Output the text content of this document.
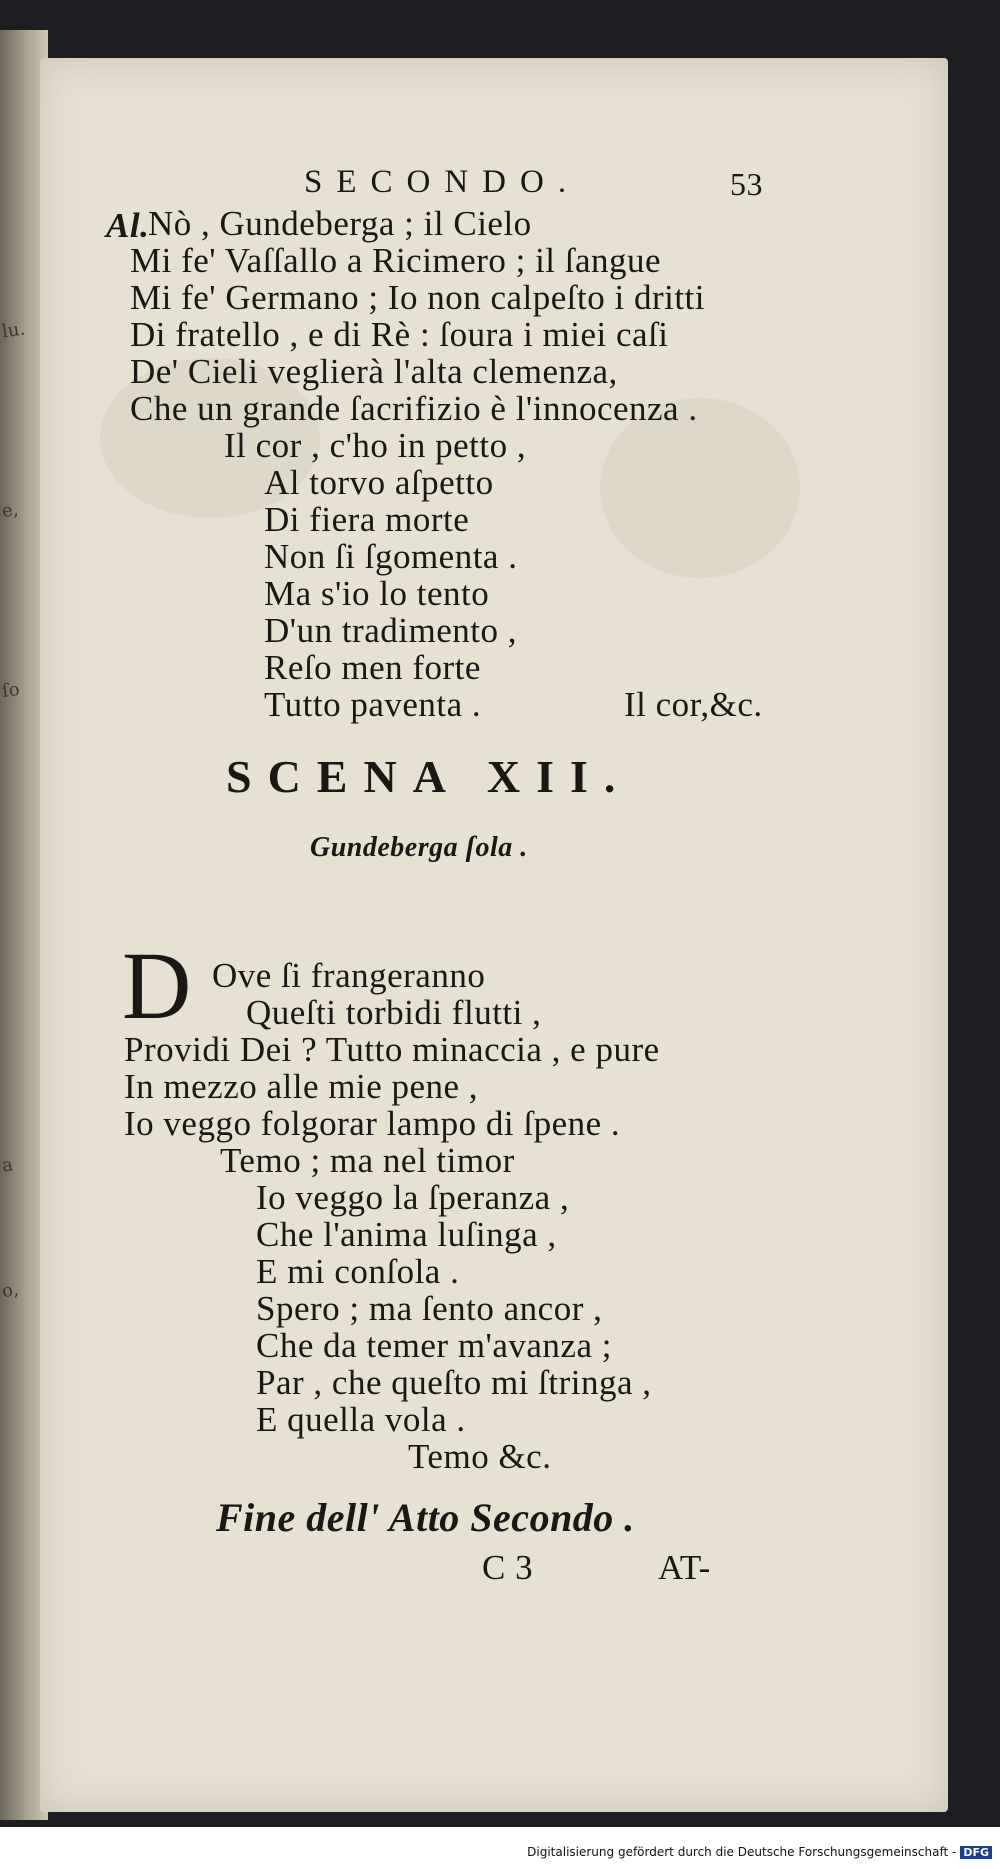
lu.
e,
ſo
a
o,
SECONDO.	53
Al.
Nò , Gundeberga ; il Cielo
Mi fe' Vaſſallo a Ricimero ; il ſangue
Mi fe' Germano ; Io non calpeſto i dritti
Di fratello , e di Rè : ſoura i miei caſi
De' Cieli veglierà l'alta clemenza,
Che un grande ſacrifizio è l'innocenza .
Il cor , c'ho in petto ,
Al torvo aſpetto
Di fiera morte
Non ſi ſgomenta .
Ma s'io lo tento
D'un tradimento ,
Reſo men forte
Tutto paventa .	Il cor,&c.
SCENA XII.
Gundeberga ſola .
D Ove ſi frangeranno
Queſti torbidi flutti ,
Providi Dei ? Tutto minaccia , e pure
In mezzo alle mie pene ,
Io veggo folgorar lampo di ſpene .
Temo ; ma nel timor
Io veggo la ſperanza ,
Che l'anima luſinga ,
E mi conſola .
Spero ; ma ſento ancor ,
Che da temer m'avanza ;
Par , che queſto mi ſtringa ,
E quella vola .
Temo &c.
Fine dell' Atto Secondo .
C 3	AT-
Digitalisierung gefördert durch die Deutsche Forschungsgemeinschaft - DFG
